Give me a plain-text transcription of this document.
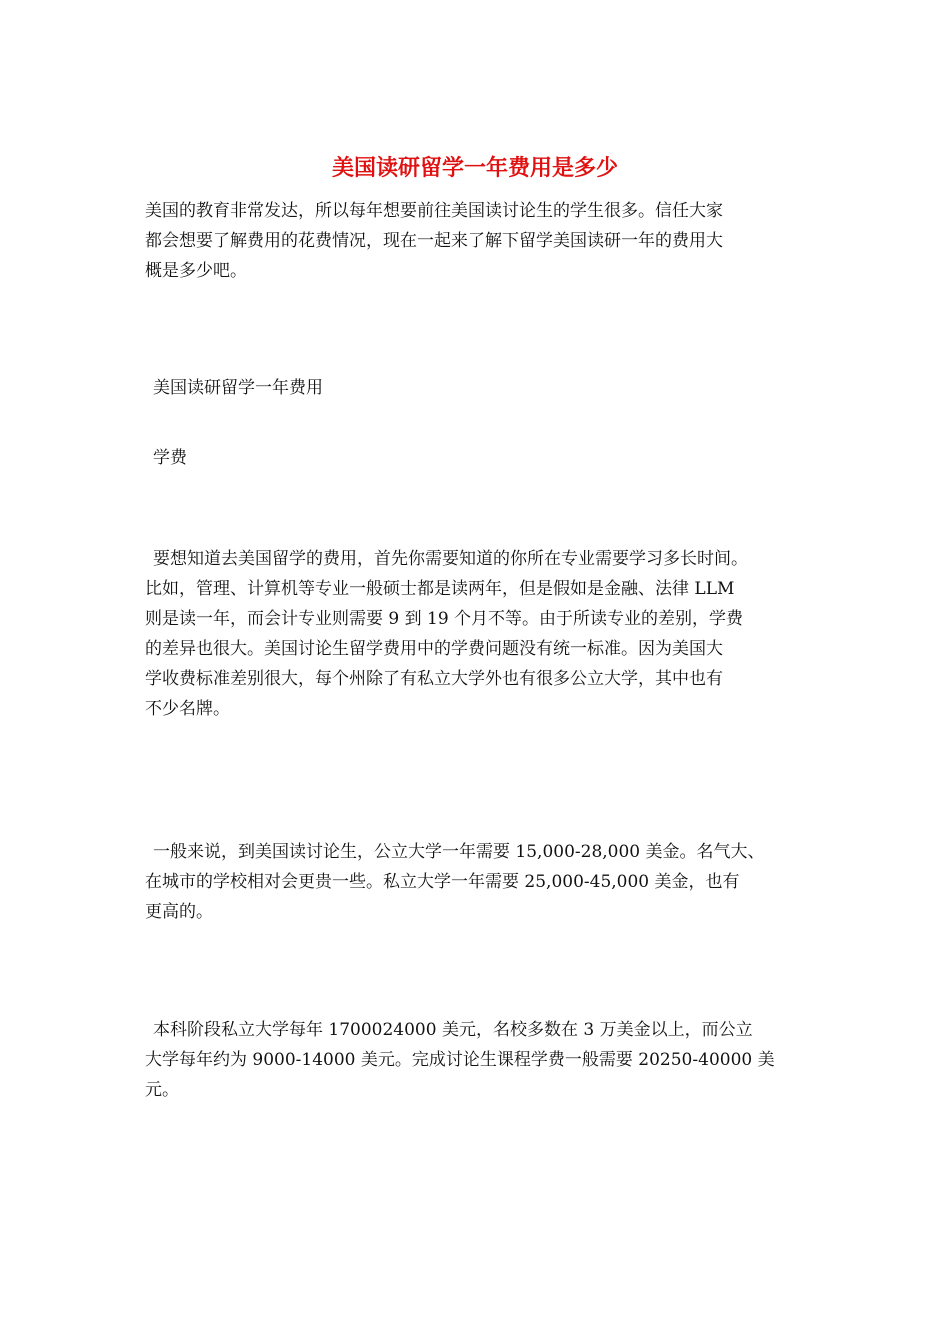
美国读研留学一年费用是多少
美国的教育非常发达，所以每年想要前往美国读讨论生的学生很多。信任大家
都会想要了解费用的花费情况，现在一起来了解下留学美国读研一年的费用大
概是多少吧。
美国读研留学一年费用
学费
要想知道去美国留学的费用，首先你需要知道的你所在专业需要学习多长时间。
比如，管理、计算机等专业一般硕士都是读两年，但是假如是金融、法律 LLM
则是读一年，而会计专业则需要 9 到 19 个月不等。由于所读专业的差别，学费
的差异也很大。美国讨论生留学费用中的学费问题没有统一标准。因为美国大
学收费标准差别很大，每个州除了有私立大学外也有很多公立大学，其中也有
不少名牌。
一般来说，到美国读讨论生，公立大学一年需要 15,000-28,000 美金。名气大、
在城市的学校相对会更贵一些。私立大学一年需要 25,000-45,000 美金，也有
更高的。
本科阶段私立大学每年 1700024000 美元，名校多数在 3 万美金以上，而公立
大学每年约为 9000-14000 美元。完成讨论生课程学费一般需要 20250-40000 美
元。
